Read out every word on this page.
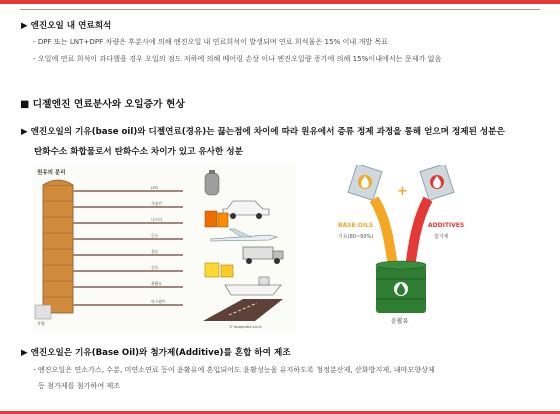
▶ 엔진오일 내 연료희석
- DPF 또는 LNT+DPF 차량은 후분사에 의해 엔진오일 내 연료희석이 발생되며 연료 희석율은 15% 이내 개발 목표
- 오일에 연료 희석이 과다했을 경우 오일의 점도 저하에 의해 베어링 손상 이나 엔진오일량 증가에 의해 15%이내에서는 문제가 없음
■ 디젤엔진 연료분사와 오일증가 현상
▶ 엔진오일의 기유(base oil)와 디젤연료(경유)는 끓는점에 차이에 따라 원유에서 증류 정제 과정을 통해 얻으며 정제된 성분은
탄화수소 화합물로서 탄화수소 차이가 있고 유사한 성분
원유의 분리
가열
LPG
가솔린
나프타
등유
경유
중유
윤활유
아스팔트
© doopedia.co.kr
+
BASE OILS
기유(80~90%)
ADDITIVES
첨가제
윤활유
▶ 엔진오일은 기유(Base Oil)와 첨가제(Additive)를 혼합 하여 제조
- 엔진오일은 연소가스, 수분, 미연소연료 등이 윤활유에 혼입되어도 윤활성능을 유지하도록 청정분산제, 산화방지제, 내마모향상제
등 첨가제를 첨가하여 제조
